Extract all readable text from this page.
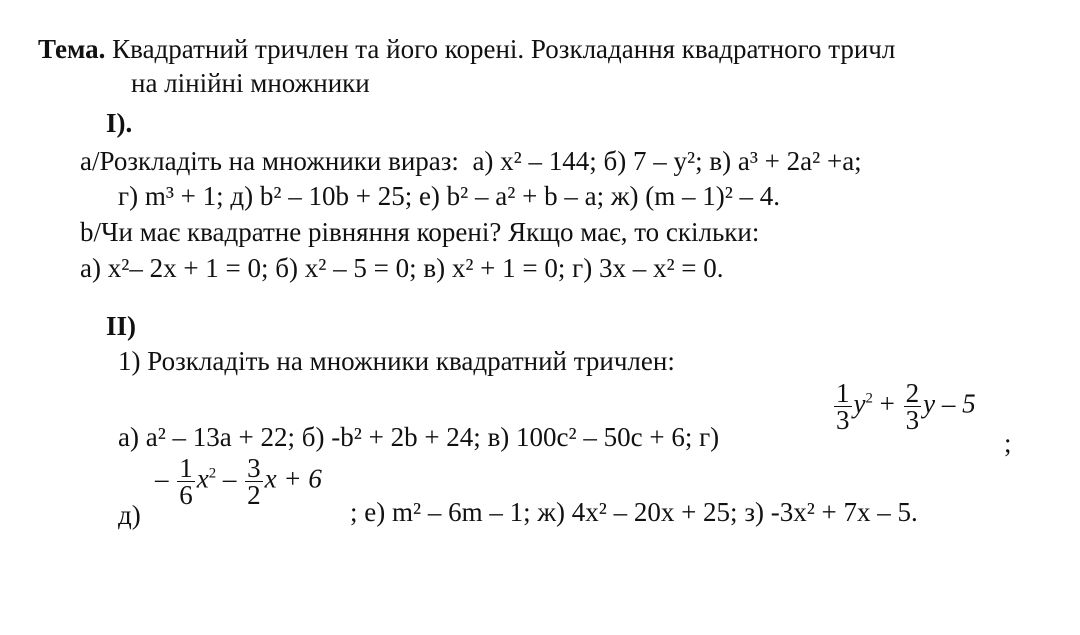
Тема. Квадратний тричлен та його корені. Розкладання квадратного тричл
на лінійні множники
I).
a/Розкладіть на множники вираз: а) x² – 144; б) 7 – y²; в) a³ + 2a² +a;
г) m³ + 1; д) b² – 10b + 25; е) b² – a² + b – a; ж) (m – 1)² – 4.
b/Чи має квадратне рівняння корені? Якщо має, то скільки:
а) x²– 2x + 1 = 0; б) x² – 5 = 0; в) x² + 1 = 0; г) 3x – x² = 0.
II)
1) Розкладіть на множники квадратний тричлен:
а) a² – 13a + 22; б) -b² + 2b + 24; в) 100c² – 50c + 6; г)
$\frac{1}{3} y^2 + \frac{2}{3}$ y – 5
;
д)
– $\frac{1}{6} x^2 - \frac{3}{2}$ x + 6
; е) m² – 6m – 1; ж) 4x² – 20x + 25; з) -3x² + 7x – 5.
